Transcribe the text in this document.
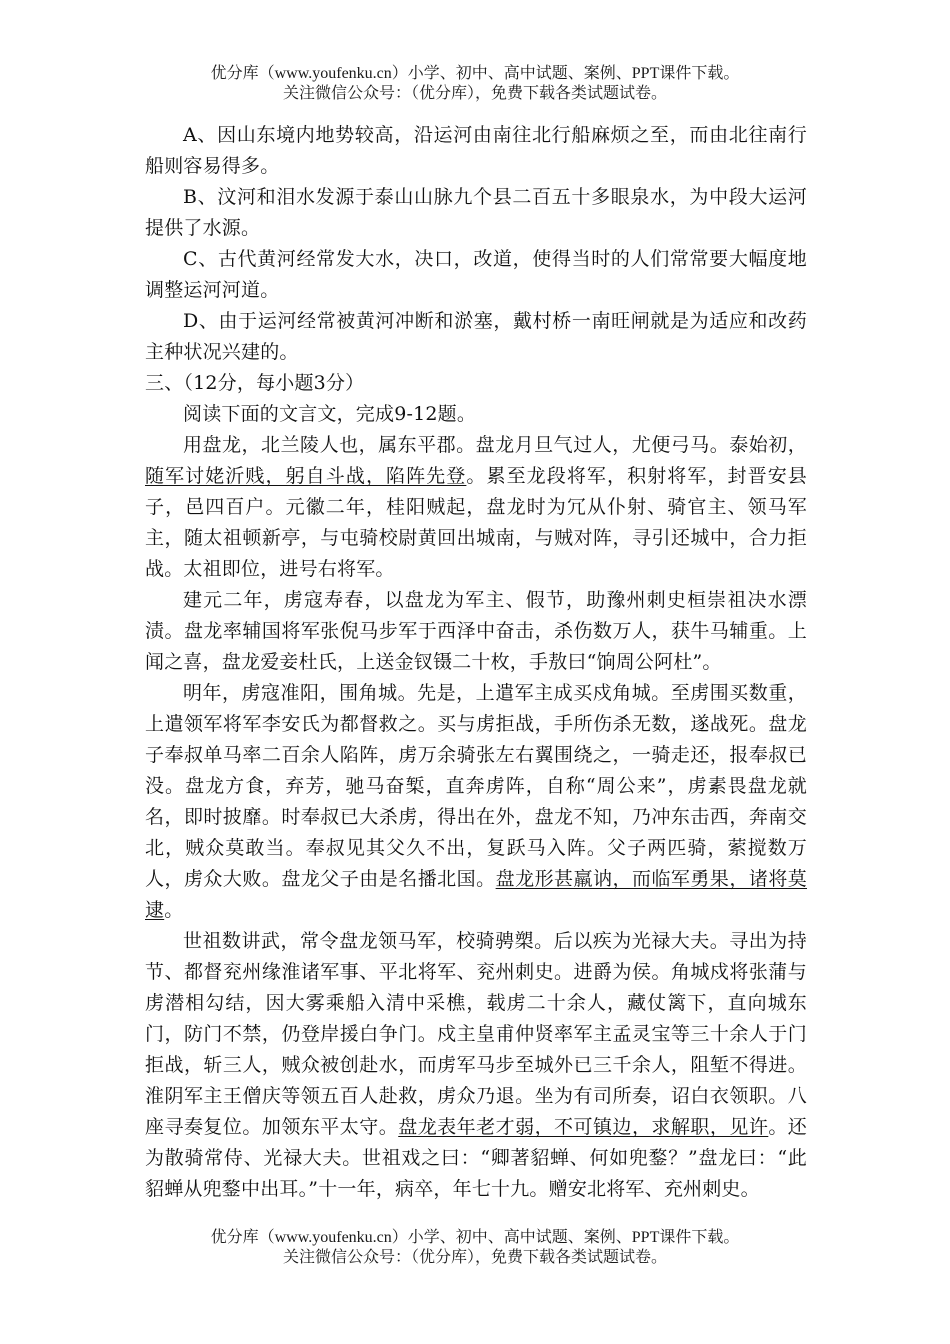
优分库（www.youfenku.cn）小学、初中、高中试题、案例、PPT课件下载。
关注微信公众号：（优分库），免费下载各类试题试卷。

A、因山东境内地势较高，沿运河由南往北行船麻烦之至，而由北往南行船则容易得多。

B、汶河和泪水发源于泰山山脉九个县二百五十多眼泉水，为中段大运河提供了水源。

C、古代黄河经常发大水，决口，改道，使得当时的人们常常要大幅度地调整运河河道。

D、由于运河经常被黄河冲断和淤塞，戴村桥一南旺闸就是为适应和改药主种状况兴建的。

三、（12分，每小题3分）

阅读下面的文言文，完成9-12题。

用盘龙，北兰陵人也，属东平郡。盘龙月旦气过人，尤便弓马。泰始初，随军讨姥沂贱，躬自斗战，陷阵先登。累至龙段将军，积射将军，封晋安县子，邑四百户。元徽二年，桂阳贼起，盘龙时为冗从仆射、骑官主、领马军主，随太祖顿新亭，与屯骑校尉黄回出城南，与贼对阵，寻引还城中，合力拒战。太祖即位，进号右将军。

建元二年，虏寇寿春，以盘龙为军主、假节，助豫州刺史桓崇祖决水漂渍。盘龙率辅国将军张倪马步军于西泽中奋击，杀伤数万人，获牛马辅重。上闻之喜，盘龙爱妾杜氏，上送金钗镊二十枚，手敖曰“饷周公阿杜”。

明年，虏寇准阳，围角城。先是，上遣军主成买戍角城。至虏围买数重，上遣领军将军李安氏为都督救之。买与虏拒战，手所伤杀无数，遂战死。盘龙子奉叔单马率二百余人陷阵，虏万余骑张左右翼围绕之，一骑走还，报奉叔已没。盘龙方食，弃芳，驰马奋椠，直奔虏阵，自称“周公来”，虏素畏盘龙就名，即时披靡。时奉叔已大杀虏，得出在外，盘龙不知，乃冲东击西，奔南交北，贼众莫敢当。奉叔见其父久不出，复跃马入阵。父子两匹骑，萦搅数万人，虏众大败。盘龙父子由是名播北国。盘龙形甚羸讷，而临军勇果，诸将莫逮。

世祖数讲武，常令盘龙领马军，校骑骋槊。后以疾为光禄大夫。寻出为持节、都督兖州缘淮诸军事、平北将军、兖州刺史。进爵为侯。角城戍将张蒲与虏潜相勾结，因大雾乘船入清中采樵，载虏二十余人，藏仗篱下，直向城东门，防门不禁，仍登岸援白争门。戍主皇甫仲贤率军主孟灵宝等三十余人于门拒战，斩三人，贼众被创赴水，而虏军马步至城外已三千余人，阻堑不得进。淮阴军主王僧庆等领五百人赴救，虏众乃退。坐为有司所奏，诏白衣领职。八座寻奏复位。加领东平太守。盘龙表年老才弱，不可镇边，求解职，见许。还为散骑常侍、光禄大夫。世祖戏之曰：“卿著貂蝉、何如兜鍪？”盘龙曰：“此貂蝉从兜鍪中出耳。”十一年，病卒，年七十九。赠安北将军、充州刺史。

优分库（www.youfenku.cn）小学、初中、高中试题、案例、PPT课件下载。
关注微信公众号：（优分库），免费下载各类试题试卷。
